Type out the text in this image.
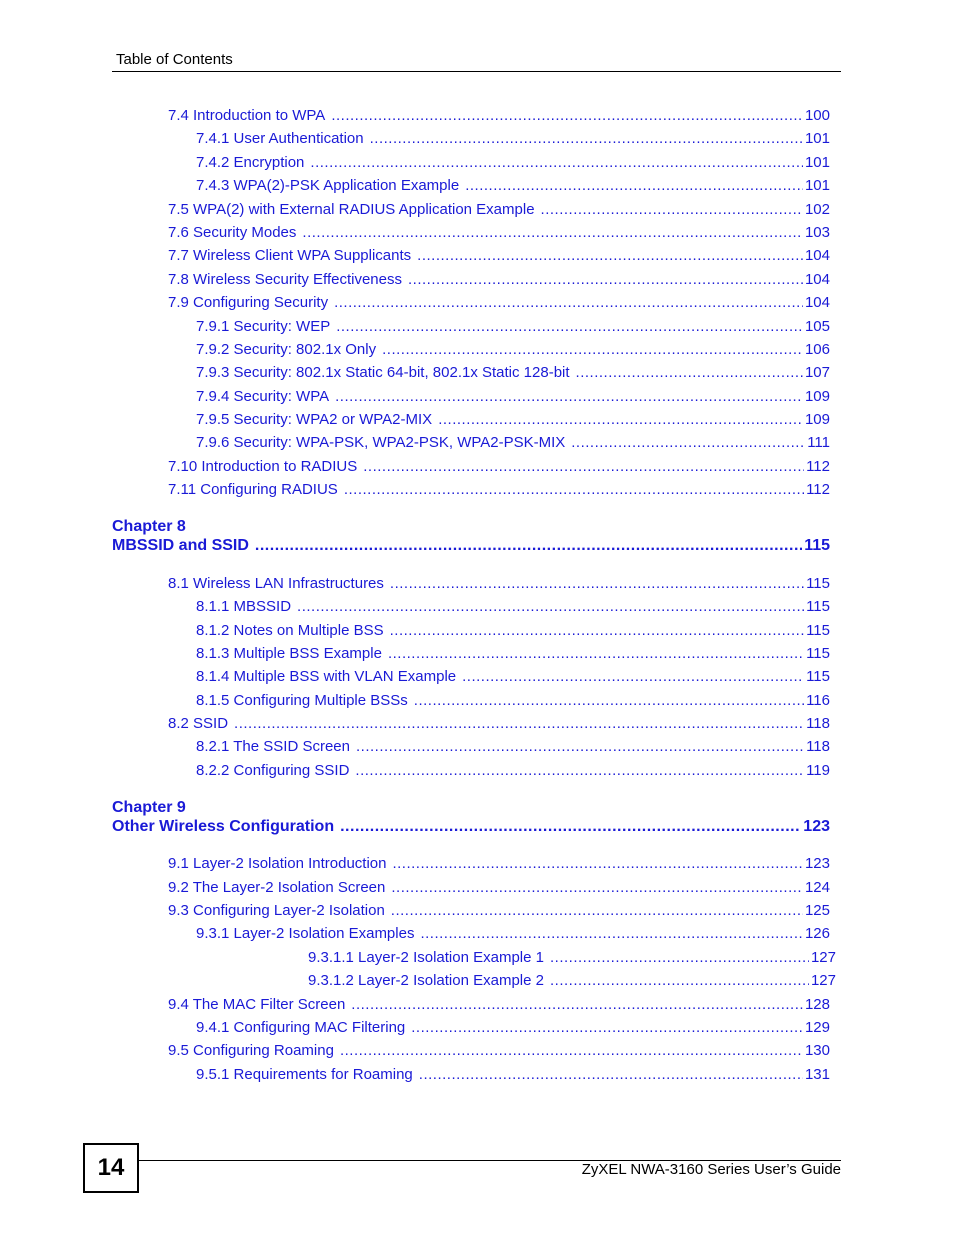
Table of Contents
7.4 Introduction to WPA .....	100
7.4.1 User Authentication .....	101
7.4.2 Encryption .....	101
7.4.3 WPA(2)-PSK Application Example .....	101
7.5 WPA(2) with External RADIUS Application Example .....	102
7.6 Security Modes .....	103
7.7 Wireless Client WPA Supplicants .....	104
7.8 Wireless Security Effectiveness .....	104
7.9 Configuring Security .....	104
7.9.1 Security: WEP .....	105
7.9.2 Security: 802.1x Only .....	106
7.9.3 Security: 802.1x Static 64-bit, 802.1x Static 128-bit .....	107
7.9.4 Security: WPA .....	109
7.9.5 Security: WPA2 or WPA2-MIX .....	109
7.9.6 Security: WPA-PSK, WPA2-PSK, WPA2-PSK-MIX .....	111
7.10 Introduction to RADIUS .....	112
7.11 Configuring RADIUS .....	112
Chapter 8
MBSSID and SSID .....	115
8.1 Wireless LAN Infrastructures .....	115
8.1.1 MBSSID .....	115
8.1.2 Notes on Multiple BSS .....	115
8.1.3 Multiple BSS Example .....	115
8.1.4 Multiple BSS with VLAN Example .....	115
8.1.5 Configuring Multiple BSSs .....	116
8.2 SSID .....	118
8.2.1 The SSID Screen .....	118
8.2.2 Configuring SSID .....	119
Chapter 9
Other Wireless Configuration .....	123
9.1 Layer-2 Isolation Introduction .....	123
9.2 The Layer-2 Isolation Screen .....	124
9.3 Configuring Layer-2 Isolation .....	125
9.3.1 Layer-2 Isolation Examples .....	126
9.3.1.1 Layer-2 Isolation Example 1 .....	127
9.3.1.2 Layer-2 Isolation Example 2 .....	127
9.4 The MAC Filter Screen .....	128
9.4.1 Configuring MAC Filtering .....	129
9.5 Configuring Roaming .....	130
9.5.1 Requirements for Roaming .....	131
14	ZyXEL NWA-3160 Series User’s Guide
